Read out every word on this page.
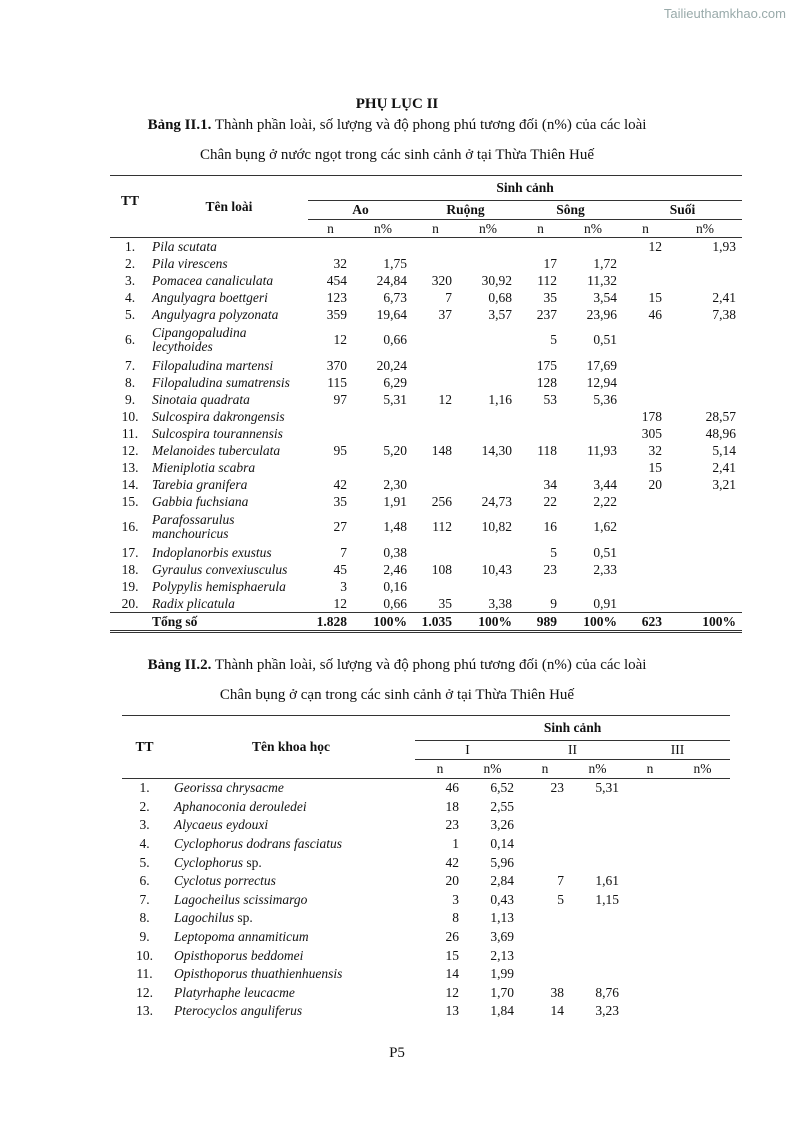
Tailieuthamkhao.com
PHỤ LỤC II
Bảng II.1. Thành phần loài, số lượng và độ phong phú tương đối (n%) của các loài
Chân bụng ở nước ngọt trong các sinh cảnh ở tại Thừa Thiên Huế
TT	Tên loài	Sinh cảnh							
		Ao		Ruộng		Sông		Suối	
		n	n%	n	n%	n	n%	n	n%
1.	Pila scutata							12	1,93
2.	Pila virescens	32	1,75			17	1,72		
3.	Pomacea canaliculata	454	24,84	320	30,92	112	11,32		
4.	Angulyagra boettgeri	123	6,73	7	0,68	35	3,54	15	2,41
5.	Angulyagra polyzonata	359	19,64	37	3,57	237	23,96	46	7,38
6.	Cipangopaludina lecythoides	12	0,66			5	0,51		
7.	Filopaludina martensi	370	20,24			175	17,69		
8.	Filopaludina sumatrensis	115	6,29			128	12,94		
9.	Sinotaia quadrata	97	5,31	12	1,16	53	5,36		
10.	Sulcospira dakrongensis							178	28,57
11.	Sulcospira tourannensis							305	48,96
12.	Melanoides tuberculata	95	5,20	148	14,30	118	11,93	32	5,14
13.	Mieniplotia scabra							15	2,41
14.	Tarebia granifera	42	2,30			34	3,44	20	3,21
15.	Gabbia fuchsiana	35	1,91	256	24,73	22	2,22		
16.	Parafossarulus manchouricus	27	1,48	112	10,82	16	1,62		
17.	Indoplanorbis exustus	7	0,38			5	0,51		
18.	Gyraulus convexiusculus	45	2,46	108	10,43	23	2,33		
19.	Polypylis hemisphaerula	3	0,16						
20.	Radix plicatula	12	0,66	35	3,38	9	0,91		
	Tổng số	1.828	100%	1.035	100%	989	100%	623	100%
Bảng II.2. Thành phần loài, số lượng và độ phong phú tương đối (n%) của các loài
Chân bụng ở cạn trong các sinh cảnh ở tại Thừa Thiên Huế
TT	Tên khoa học	Sinh cảnh					
		I		II		III	
		n	n%	n	n%	n	n%
1.	Georissa chrysacme	46	6,52	23	5,31		
2.	Aphanoconia derouledei	18	2,55				
3.	Alycaeus eydouxi	23	3,26				
4.	Cyclophorus dodrans fasciatus	1	0,14				
5.	Cyclophorus sp.	42	5,96				
6.	Cyclotus porrectus	20	2,84	7	1,61		
7.	Lagocheilus scissimargo	3	0,43	5	1,15		
8.	Lagochilus sp.	8	1,13				
9.	Leptopoma annamiticum	26	3,69				
10.	Opisthoporus beddomei	15	2,13				
11.	Opisthoporus thuathienhuensis	14	1,99				
12.	Platyrhaphe leucacme	12	1,70	38	8,76		
13.	Pterocyclos anguliferus	13	1,84	14	3,23		
P5
